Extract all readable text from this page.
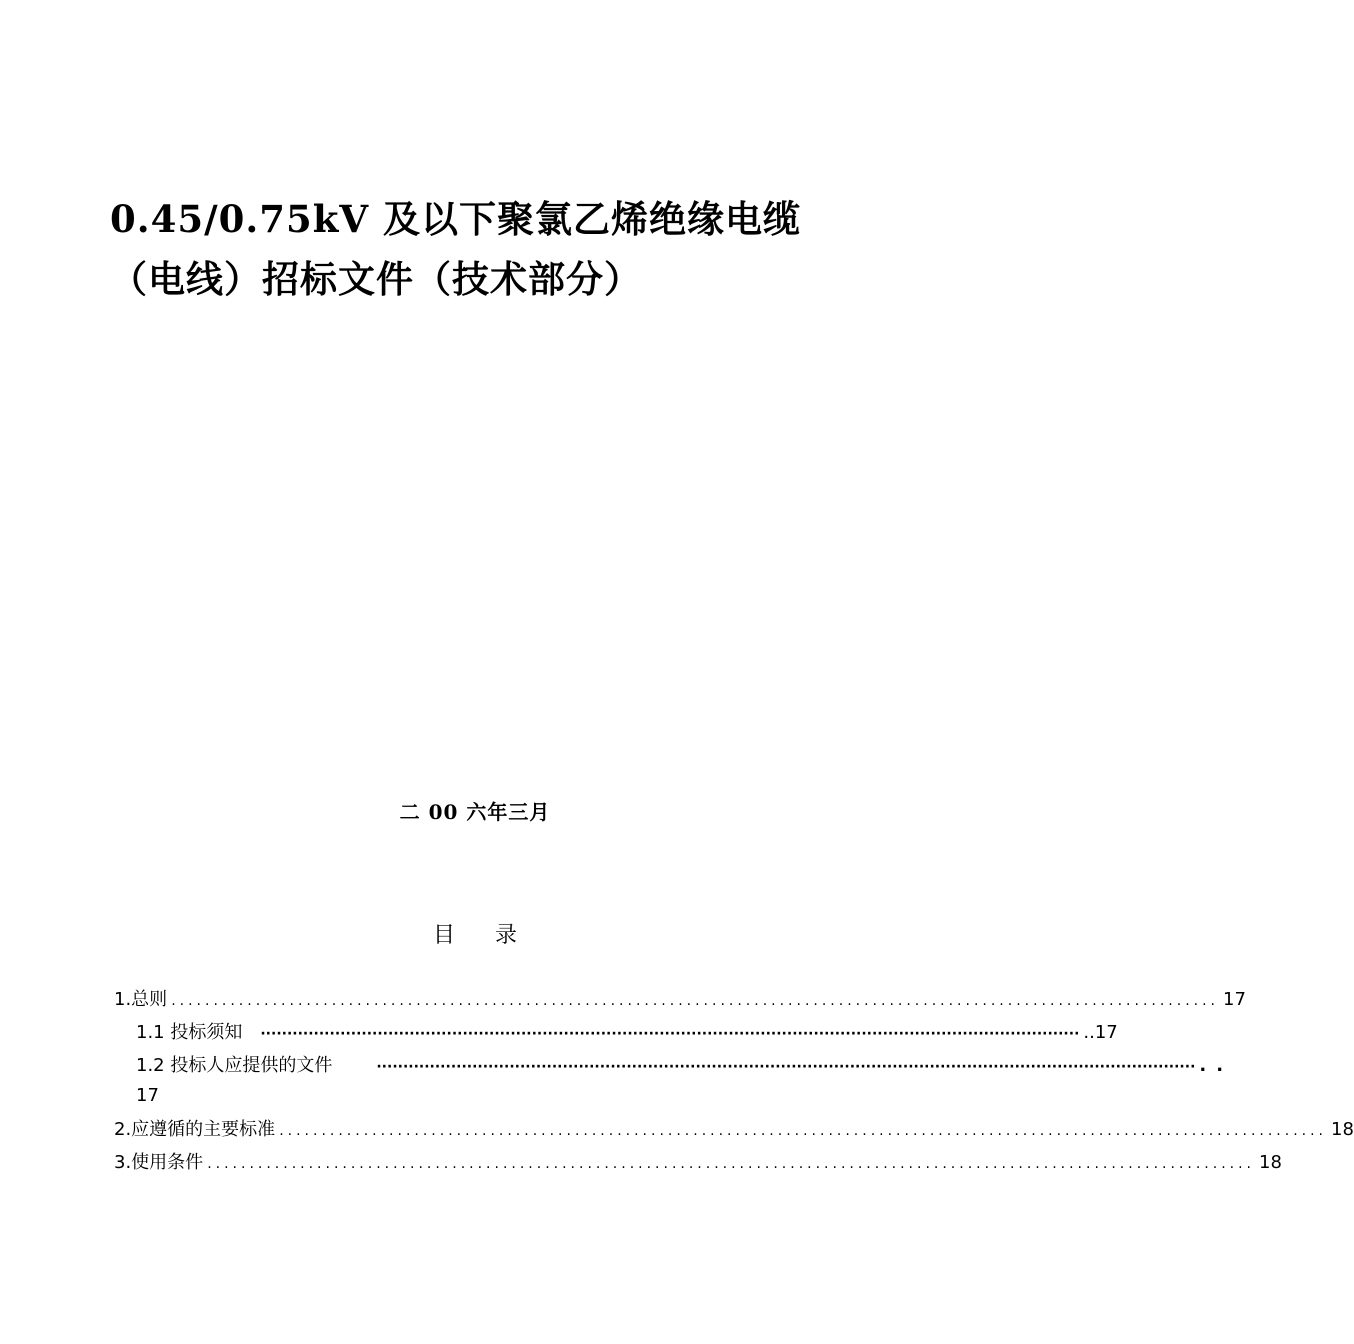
0.45/0.75kV 及以下聚氯乙烯绝缘电缆
（电线）招标文件（技术部分）
二 00 六年三月
目录
1.总则 ............................................................................................................................ 17
1.1 投标须知 ·························································································································································· ..17
1.2 投标人应提供的文件	·························································································································································· ..
17
2.应遵循的主要标准 ............................................................................................................................ 18
3.使用条件 ............................................................................................................................ 18
